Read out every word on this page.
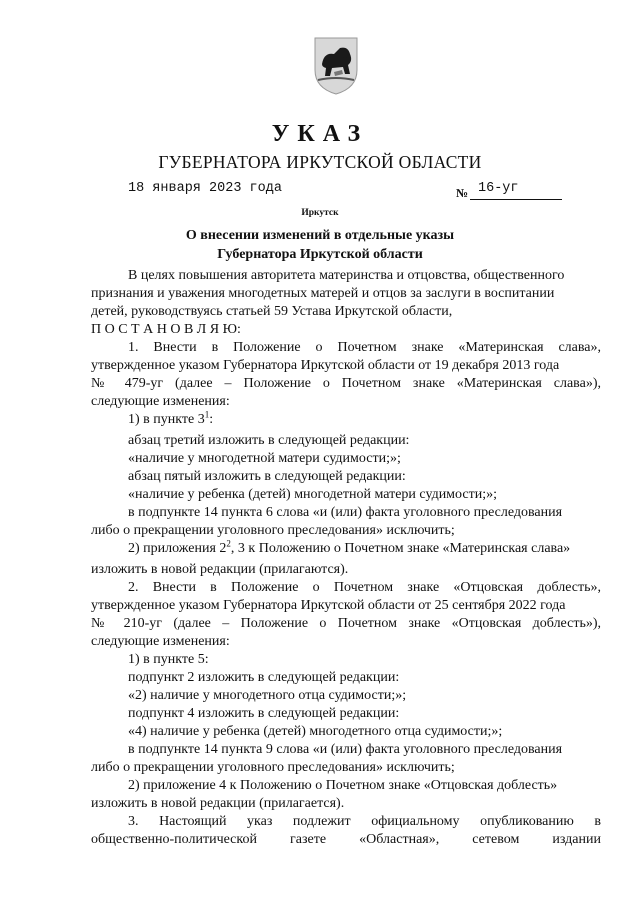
УКАЗ
ГУБЕРНАТОРА ИРКУТСКОЙ ОБЛАСТИ
18 января 2023 года	№ 16-уг
Иркутск
О внесении изменений в отдельные указы
Губернатора Иркутской области
В целях повышения авторитета материнства и отцовства, общественного
признания и уважения многодетных матерей и отцов за заслуги в воспитании
детей, руководствуясь статьей 59 Устава Иркутской области,
П О С Т А Н О В Л Я Ю:
1. Внести в Положение о Почетном знаке «Материнская слава»,
утвержденное указом Губернатора Иркутской области от 19 декабря 2013 года
№ 479-уг (далее – Положение о Почетном знаке «Материнская слава»),
следующие изменения:
1) в пункте $3^1$:
абзац третий изложить в следующей редакции:
«наличие у многодетной матери судимости;»;
абзац пятый изложить в следующей редакции:
«наличие у ребенка (детей) многодетной матери судимости;»;
в подпункте 14 пункта 6 слова «и (или) факта уголовного преследования
либо о прекращении уголовного преследования» исключить;
2) приложения $2^2$, 3 к Положению о Почетном знаке «Материнская слава»
изложить в новой редакции (прилагаются).
2. Внести в Положение о Почетном знаке «Отцовская доблесть»,
утвержденное указом Губернатора Иркутской области от 25 сентября 2022 года
№ 210-уг (далее – Положение о Почетном знаке «Отцовская доблесть»),
следующие изменения:
1) в пункте 5:
подпункт 2 изложить в следующей редакции:
«2) наличие у многодетного отца судимости;»;
подпункт 4 изложить в следующей редакции:
«4) наличие у ребенка (детей) многодетного отца судимости;»;
в подпункте 14 пункта 9 слова «и (или) факта уголовного преследования
либо о прекращении уголовного преследования» исключить;
2) приложение 4 к Положению о Почетном знаке «Отцовская доблесть»
изложить в новой редакции (прилагается).
3. Настоящий указ подлежит официальному опубликованию в
общественно-политической газете «Областная», сетевом издании
